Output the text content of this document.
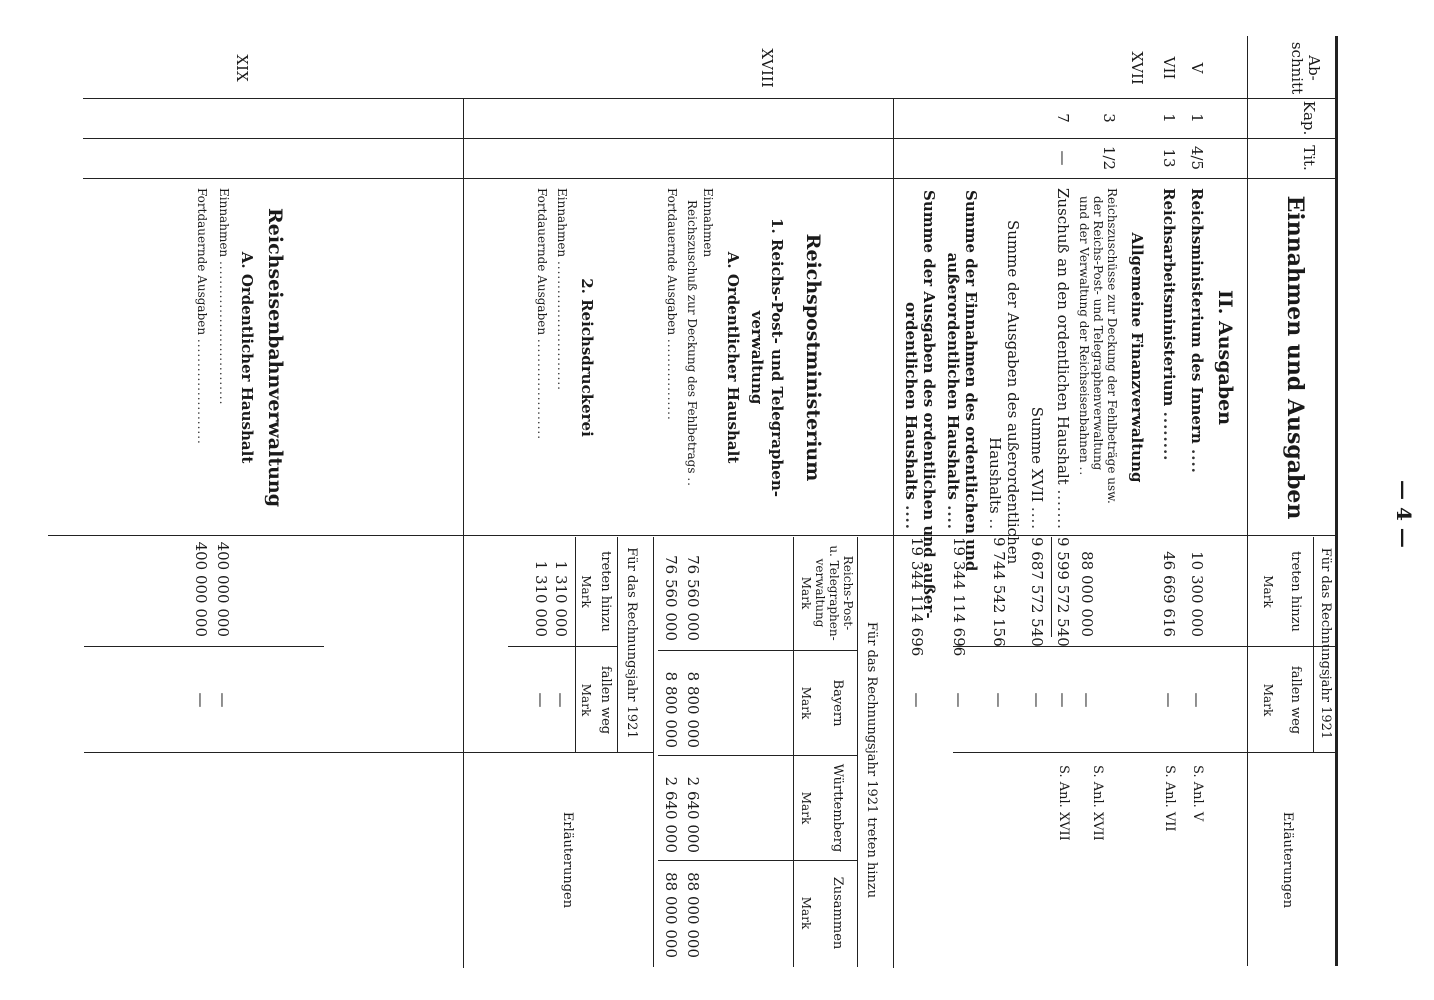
— 4 —
Ab-
schnitt
Kap.
Tit.
Einnahmen und Ausgaben
Für das Rechnungsjahr 1921
treten hinzu
Mark
fallen weg
Mark
Erläuterungen
II. Ausgaben
V
1
4/5
Reichsministerium des Innern ....
10 300 000
—
S. Anl. V
VII
1
13
Reichsarbeitsministerium ........
46 669 616
—
S. Anl. VII
XVII
Allgemeine Finanzverwaltung
3
1/2
Reichszuschüsse zur Deckung der Fehlbeträge usw.
der Reichs-Post- und Telegraphenverwaltung
und der Verwaltung der Reichseisenbahnen ..
88 000 000
—
S. Anl. XVII
7
—
Zuschuß an den ordentlichen Haushalt .......
9 599 572 540
—
S. Anl. XVII
Summe XVII ....
9 687 572 540
—
Summe der Ausgaben des außerordentlichen
Haushalts ..
9 744 542 156
—
Summe der Einnahmen des ordentlichen und
außerordentlichen Haushalts ....
19 344 114 696
—
Summe der Ausgaben des ordentlichen und außer-
ordentlichen Haushalts ....
19 344 114 696
—
XVIII
Reichspostministerium
1. Reichs-Post- und Telegraphen-
verwaltung
A. Ordentlicher Haushalt
Einnahmen
Reichszuschuß zur Deckung des Fehlbetrags ..
Fortdauernde Ausgaben .................
Für das Rechnungsjahr 1921 treten hinzu
Reichs-Post-
u. Telegraphen-
verwaltung
Bayern
Württemberg
Zusammen
Mark
Mark
Mark
Mark
76 560 000
8 800 000
2 640 000
88 000 000
76 560 000
8 800 000
2 640 000
88 000 000
2. Reichsdruckerei
Einnahmen ...........................
Fortdauernde Ausgaben .....................
Für das Rechnungsjahr 1921
treten hinzu
fallen weg
Mark
Mark
Erläuterungen
1 310 000
—
1 310 000
—
XIX
Reichseisenbahnverwaltung
A. Ordentlicher Haushalt
Einnahmen ..............................
Fortdauernde Ausgaben ......................
400 000 000
—
400 000 000
—
